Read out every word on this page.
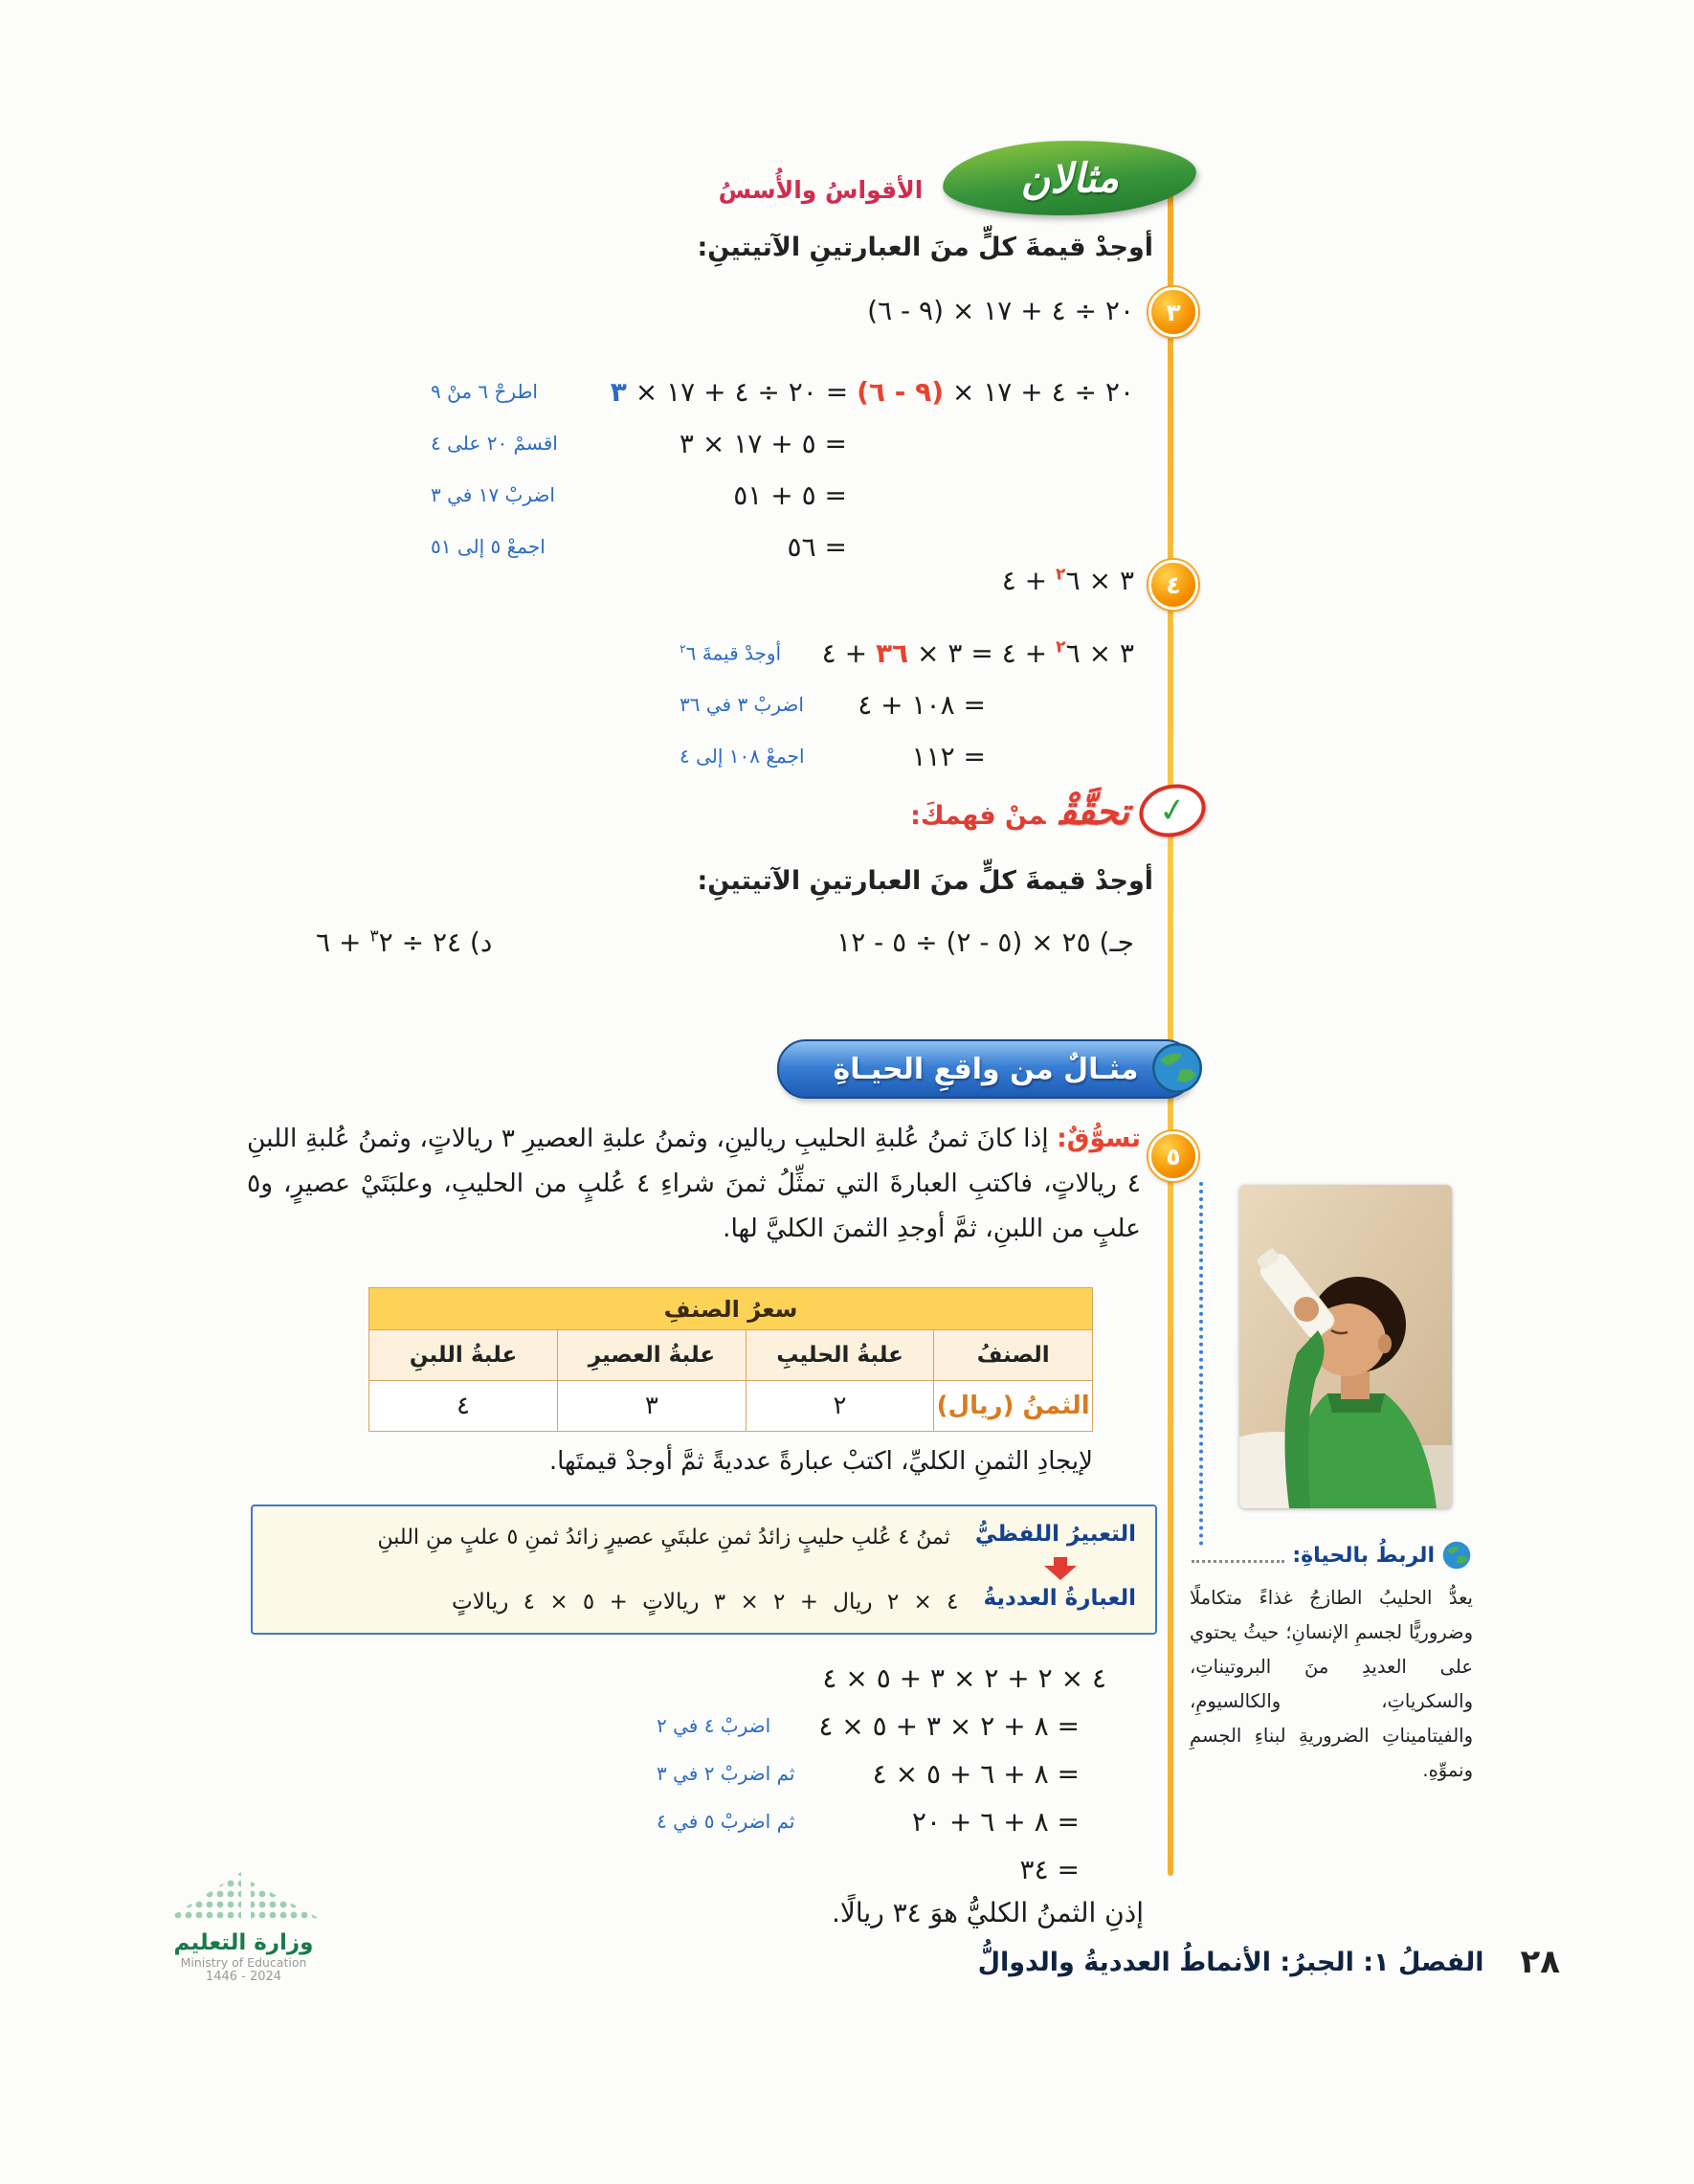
مثالان
الأقواسُ والأُسسُ
أوجدْ قيمةَ كلٍّ منَ العبارتينِ الآتيتينِ:
٢٠ ÷ ٤ + ١٧ × (٩ - ٦)	٣
٢٠ ÷ ٤ + ١٧ × (٩ - ٦) = ٢٠ ÷ ٤ + ١٧ × ٣
اطرحْ ٦ منْ ٩
= ٥ + ١٧ × ٣
اقسمْ ٢٠ على ٤
= ٥ + ٥١
اضربْ ١٧ في ٣
= ٥٦
اجمعْ ٥ إلى ٥١
٣ × $٦^٢$ + ٤	٤
٣ × $٦^٢$ + ٤ = ٣ × ٣٦ + ٤
أوجدْ قيمةَ $٦^٢$
= ١٠٨ + ٤
اضربْ ٣ في ٣٦
= ١١٢
اجمعْ ١٠٨ إلى ٤
✓
تحقَّقْمنْ فهمكَ:
أوجدْ قيمةَ كلٍّ منَ العبارتينِ الآتيتينِ:
جـ) ٢٥ × (٥ - ٢) ÷ ٥ - ١٢
د) ٢٤ ÷ $٢^٣$ + ٦
مثـالٌ من واقعِ الحيـاةِ
٥
تسوُّقٌ: إذا كانَ ثمنُ عُلبةِ الحليبِ ريالينِ، وثمنُ علبةِ العصيرِ ٣ ريالاتٍ، وثمنُ عُلبةِ اللبنِ ٤ ريالاتٍ، فاكتبِ العبارةَ التي تمثِّلُ ثمنَ شراءِ ٤ عُلبٍ من الحليبِ، وعلبَتَيْ عصيرٍ، و٥ علبٍ من اللبنِ، ثمَّ أوجدِ الثمنَ الكليَّ لها.
سعرُ الصنفِ			
الصنفُ	علبةُ الحليبِ	علبةُ العصيرِ	علبةُ اللبنِ
الثمنُ (ريال)	٢	٣	٤
لإيجادِ الثمنِ الكليِّ، اكتبْ عبارةً عدديةً ثمَّ أوجدْ قيمتَها.
التعبيرُ اللفظيُّ
ثمنُ ٤ عُلبِ حليبٍ زائدُ ثمنِ علبتَيِ عصيرٍ زائدُ ثمنِ ٥ علبٍ منِ اللبنِ
العبارةُ العدديةُ
٤ × ٢ ريال + ٢ × ٣ ريالاتٍ + ٥ × ٤ ريالاتٍ
٤ × ٢ + ٢ × ٣ + ٥ × ٤
= ٨ + ٢ × ٣ + ٥ × ٤
اضربْ ٤ في ٢
= ٨ + ٦ + ٥ × ٤
ثم اضربْ ٢ في ٣
= ٨ + ٦ + ٢٠
ثم اضربْ ٥ في ٤
= ٣٤
إذنِ الثمنُ الكليُّ هوَ ٣٤ ريالًا.
الربطُ بالحياةِ:
يعدُّ الحليبُ الطازجُ غذاءً متكاملًا وضروريًّا لجسمِ الإنسانِ؛ حيثُ يحتوي على العديدِ منَ البروتيناتِ، والسكرياتِ، والكالسيومِ، والفيتاميناتِ الضروريةِ لبناءِ الجسمِ ونموِّهِ.
٢٨
الفصلُ ١: الجبرُ: الأنماطُ العدديةُ والدوالُّ
وزارة التعليم
Ministry of Education
2024 - 1446
